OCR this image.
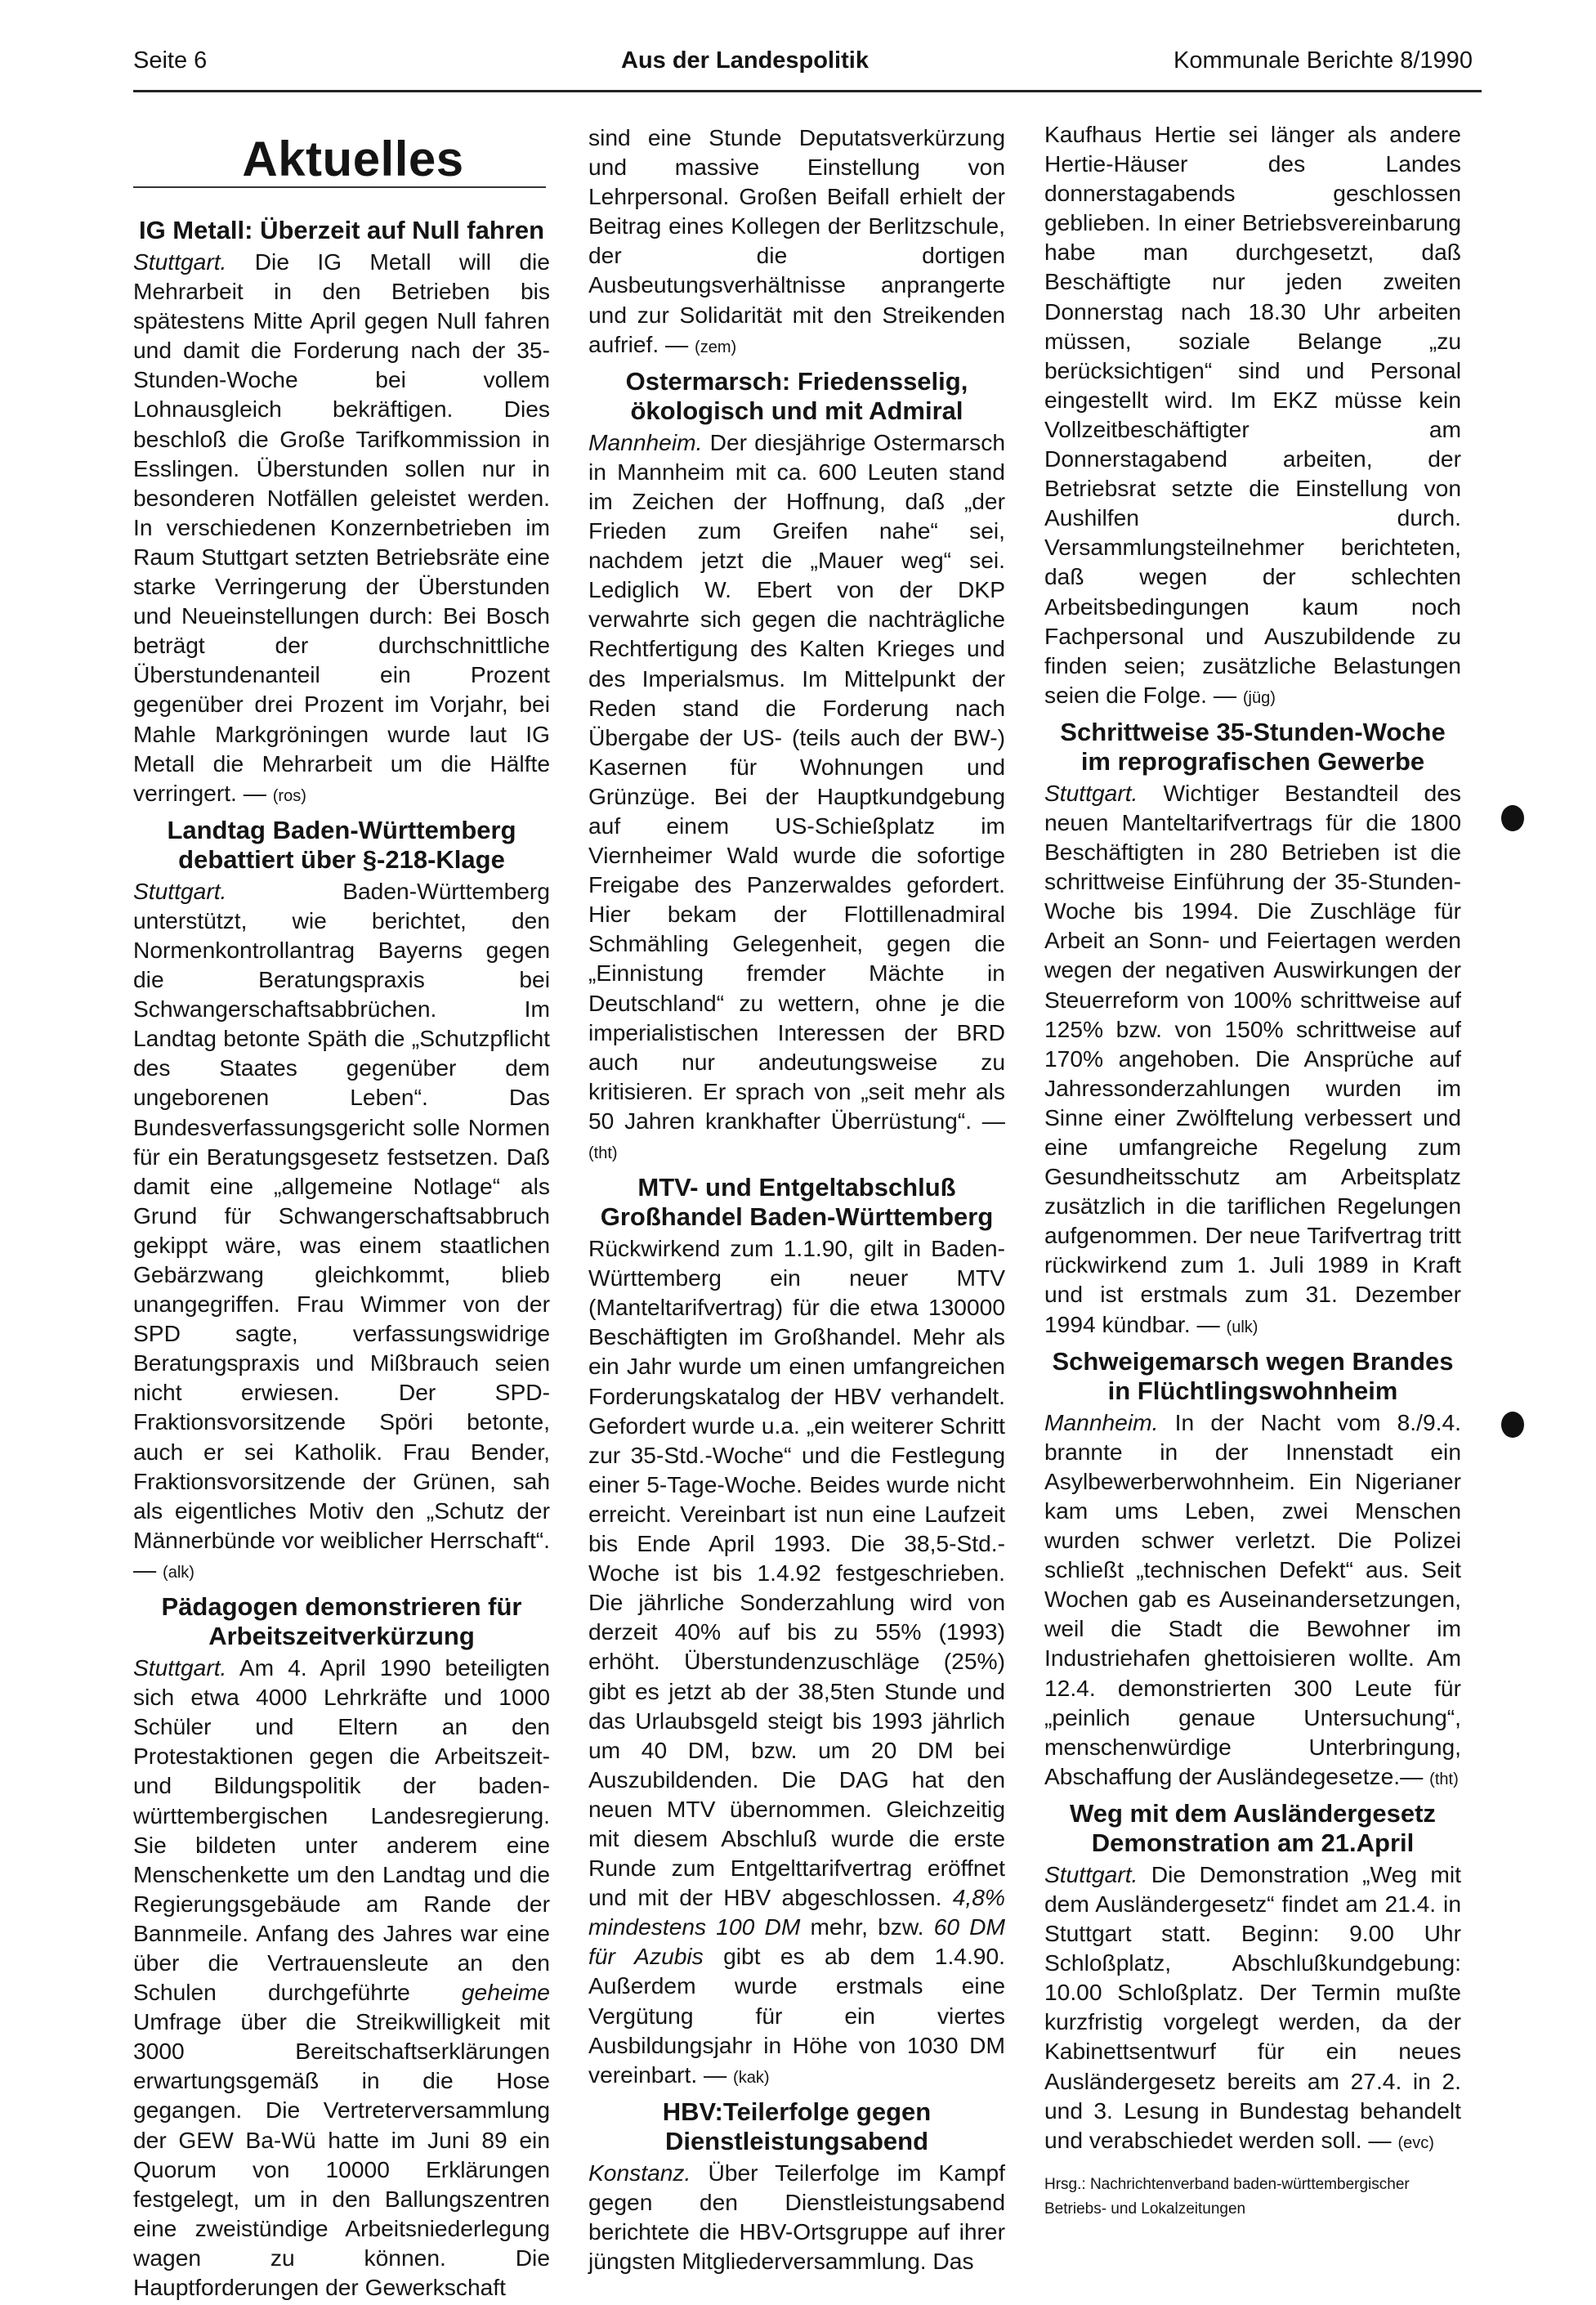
Seite 6	Aus der Landespolitik	Kommunale Berichte 8/1990
Aktuelles
IG Metall: Überzeit auf Null fahren

Stuttgart. Die IG Metall will die Mehrarbeit in den Betrieben bis spätestens Mitte April gegen Null fahren und damit die Forderung nach der 35-Stunden-Woche bei vollem Lohnausgleich bekräftigen. Dies beschloß die Große Tarifkommission in Esslingen. Überstunden sollen nur in besonderen Notfällen geleistet werden. In verschiedenen Konzernbetrieben im Raum Stuttgart setzten Betriebsräte eine starke Verringerung der Überstunden und Neueinstellungen durch: Bei Bosch beträgt der durchschnittliche Überstundenanteil ein Prozent gegenüber drei Prozent im Vorjahr, bei Mahle Markgröningen wurde laut IG Metall die Mehrarbeit um die Hälfte verringert. — (ros)

Landtag Baden-Württemberg debattiert über §-218-Klage

Stuttgart. Baden-Württemberg unterstützt, wie berichtet, den Normenkontrollantrag Bayerns gegen die Beratungspraxis bei Schwangerschaftsabbrüchen. Im Landtag betonte Späth die „Schutzpflicht des Staates gegenüber dem ungeborenen Leben“. Das Bundesverfassungsgericht solle Normen für ein Beratungsgesetz festsetzen. Daß damit eine „allgemeine Notlage“ als Grund für Schwangerschaftsabbruch gekippt wäre, was einem staatlichen Gebärzwang gleichkommt, blieb unangegriffen. Frau Wimmer von der SPD sagte, verfassungswidrige Beratungspraxis und Mißbrauch seien nicht erwiesen. Der SPD-Fraktionsvorsitzende Spöri betonte, auch er sei Katholik. Frau Bender, Fraktionsvorsitzende der Grünen, sah als eigentliches Motiv den „Schutz der Männerbünde vor weiblicher Herrschaft“. — (alk)

Pädagogen demonstrieren für Arbeitszeitverkürzung

Stuttgart. Am 4. April 1990 beteiligten sich etwa 4000 Lehrkräfte und 1000 Schüler und Eltern an den Protestaktionen gegen die Arbeitszeit- und Bildungspolitik der baden-württembergischen Landesregierung. Sie bildeten unter anderem eine Menschenkette um den Landtag und die Regierungsgebäude am Rande der Bannmeile. Anfang des Jahres war eine über die Vertrauensleute an den Schulen durchgeführte geheime Umfrage über die Streikwilligkeit mit 3000 Bereitschaftserklärungen erwartungsgemäß in die Hose gegangen. Die Vertreterversammlung der GEW Ba-Wü hatte im Juni 89 ein Quorum von 10000 Erklärungen festgelegt, um in den Ballungszentren eine zweistündige Arbeitsniederlegung wagen zu können. Die Hauptforderungen der Gewerkschaft

sind eine Stunde Deputatsverkürzung und massive Einstellung von Lehrpersonal. Großen Beifall erhielt der Beitrag eines Kollegen der Berlitzschule, der die dortigen Ausbeutungsverhältnisse anprangerte und zur Solidarität mit den Streikenden aufrief. — (zem)

Ostermarsch: Friedensselig, ökologisch und mit Admiral

Mannheim. Der diesjährige Ostermarsch in Mannheim mit ca. 600 Leuten stand im Zeichen der Hoffnung, daß „der Frieden zum Greifen nahe“ sei, nachdem jetzt die „Mauer weg“ sei. Lediglich W. Ebert von der DKP verwahrte sich gegen die nachträgliche Rechtfertigung des Kalten Krieges und des Imperialsmus. Im Mittelpunkt der Reden stand die Forderung nach Übergabe der US- (teils auch der BW-) Kasernen für Wohnungen und Grünzüge. Bei der Hauptkundgebung auf einem US-Schießplatz im Viernheimer Wald wurde die sofortige Freigabe des Panzerwaldes gefordert. Hier bekam der Flottillenadmiral Schmähling Gelegenheit, gegen die „Einnistung fremder Mächte in Deutschland“ zu wettern, ohne je die imperialistischen Interessen der BRD auch nur andeutungsweise zu kritisieren. Er sprach von „seit mehr als 50 Jahren krankhafter Überrüstung“. — (tht)

MTV- und Entgeltabschluß Großhandel Baden-Württemberg

Rückwirkend zum 1.1.90, gilt in Baden-Württemberg ein neuer MTV (Manteltarifvertrag) für die etwa 130000 Beschäftigten im Großhandel. Mehr als ein Jahr wurde um einen umfangreichen Forderungskatalog der HBV verhandelt. Gefordert wurde u.a. „ein weiterer Schritt zur 35-Std.-Woche“ und die Festlegung einer 5-Tage-Woche. Beides wurde nicht erreicht. Vereinbart ist nun eine Laufzeit bis Ende April 1993. Die 38,5-Std.-Woche ist bis 1.4.92 festgeschrieben. Die jährliche Sonderzahlung wird von derzeit 40% auf bis zu 55% (1993) erhöht. Überstundenzuschläge (25%) gibt es jetzt ab der 38,5ten Stunde und das Urlaubsgeld steigt bis 1993 jährlich um 40 DM, bzw. um 20 DM bei Auszubildenden. Die DAG hat den neuen MTV übernommen. Gleichzeitig mit diesem Abschluß wurde die erste Runde zum Entgelttarifvertrag eröffnet und mit der HBV abgeschlossen. 4,8% mindestens 100 DM mehr, bzw. 60 DM für Azubis gibt es ab dem 1.4.90. Außerdem wurde erstmals eine Vergütung für ein viertes Ausbildungsjahr in Höhe von 1030 DM vereinbart. — (kak)

HBV:Teilerfolge gegen Dienstleistungsabend

Konstanz. Über Teilerfolge im Kampf gegen den Dienstleistungsabend berichtete die HBV-Ortsgruppe auf ihrer jüngsten Mitgliederversammlung. Das

Kaufhaus Hertie sei länger als andere Hertie-Häuser des Landes donnerstagabends geschlossen geblieben. In einer Betriebsvereinbarung habe man durchgesetzt, daß Beschäftigte nur jeden zweiten Donnerstag nach 18.30 Uhr arbeiten müssen, soziale Belange „zu berücksichtigen“ sind und Personal eingestellt wird. Im EKZ müsse kein Vollzeitbeschäftigter am Donnerstagabend arbeiten, der Betriebsrat setzte die Einstellung von Aushilfen durch. Versammlungsteilnehmer berichteten, daß wegen der schlechten Arbeitsbedingungen kaum noch Fachpersonal und Auszubildende zu finden seien; zusätzliche Belastungen seien die Folge. — (jüg)

Schrittweise 35-Stunden-Woche im reprografischen Gewerbe

Stuttgart. Wichtiger Bestandteil des neuen Manteltarifvertrags für die 1800 Beschäftigten in 280 Betrieben ist die schrittweise Einführung der 35-Stunden-Woche bis 1994. Die Zuschläge für Arbeit an Sonn- und Feiertagen werden wegen der negativen Auswirkungen der Steuerreform von 100% schrittweise auf 125% bzw. von 150% schrittweise auf 170% angehoben. Die Ansprüche auf Jahressonderzahlungen wurden im Sinne einer Zwölftelung verbessert und eine umfangreiche Regelung zum Gesundheitsschutz am Arbeitsplatz zusätzlich in die tariflichen Regelungen aufgenommen. Der neue Tarifvertrag tritt rückwirkend zum 1. Juli 1989 in Kraft und ist erstmals zum 31. Dezember 1994 kündbar. — (ulk)

Schweigemarsch wegen Brandes in Flüchtlingswohnheim

Mannheim. In der Nacht vom 8./9.4. brannte in der Innenstadt ein Asylbewerberwohnheim. Ein Nigerianer kam ums Leben, zwei Menschen wurden schwer verletzt. Die Polizei schließt „technischen Defekt“ aus. Seit Wochen gab es Auseinandersetzungen, weil die Stadt die Bewohner im Industriehafen ghettoisieren wollte. Am 12.4. demonstrierten 300 Leute für „peinlich genaue Untersuchung“, menschenwürdige Unterbringung, Abschaffung der Ausländegesetze.— (tht)

Weg mit dem Ausländergesetz Demonstration am 21.April

Stuttgart. Die Demonstration „Weg mit dem Ausländergesetz“ findet am 21.4. in Stuttgart statt. Beginn: 9.00 Uhr Schloßplatz, Abschlußkundgebung: 10.00 Schloßplatz. Der Termin mußte kurzfristig vorgelegt werden, da der Kabinettsentwurf für ein neues Ausländergesetz bereits am 27.4. in 2. und 3. Lesung in Bundestag behandelt und verabschiedet werden soll. — (evc)

Hrsg.: Nachrichtenverband baden-württembergischer Betriebs- und Lokalzeitungen
